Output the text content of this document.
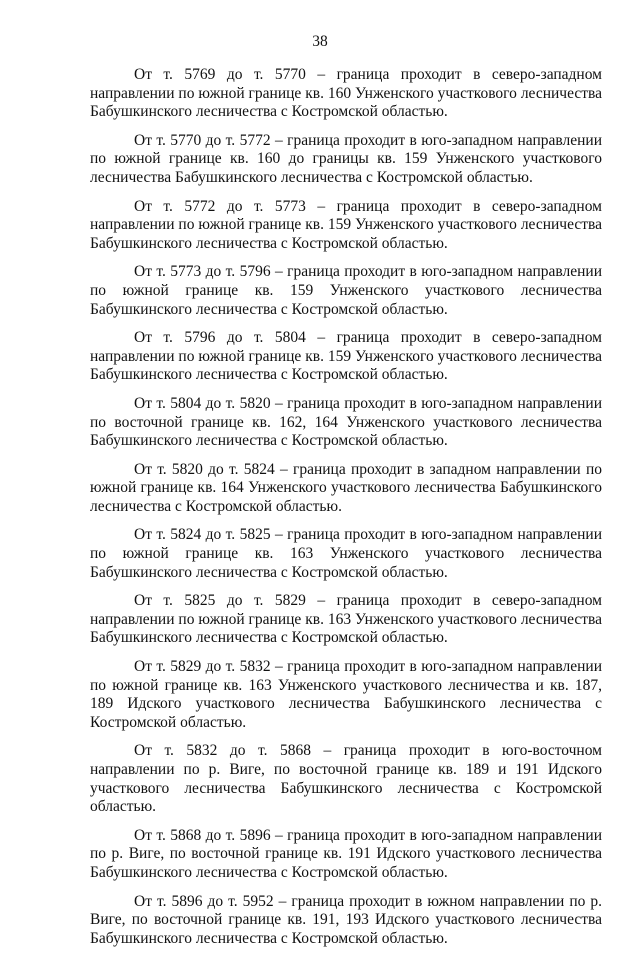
38

От т. 5769 до т. 5770 – граница проходит в северо-западном направлении по южной границе кв. 160 Унженского участкового лесничества Бабушкинского лесничества с Костромской областью.

От т. 5770 до т. 5772 – граница проходит в юго-западном направлении по южной границе кв. 160 до границы кв. 159 Унженского участкового лесничества Бабушкинского лесничества с Костромской областью.

От т. 5772 до т. 5773 – граница проходит в северо-западном направлении по южной границе кв. 159 Унженского участкового лесничества Бабушкинского лесничества с Костромской областью.

От т. 5773 до т. 5796 – граница проходит в юго-западном направлении по южной границе кв. 159 Унженского участкового лесничества Бабушкинского лесничества с Костромской областью.

От т. 5796 до т. 5804 – граница проходит в северо-западном направлении по южной границе кв. 159 Унженского участкового лесничества Бабушкинского лесничества с Костромской областью.

От т. 5804 до т. 5820 – граница проходит в юго-западном направлении по восточной границе кв. 162, 164 Унженского участкового лесничества Бабушкинского лесничества с Костромской областью.

От т. 5820 до т. 5824 – граница проходит в западном направлении по южной границе кв. 164 Унженского участкового лесничества Бабушкинского лесничества с Костромской областью.

От т. 5824 до т. 5825 – граница проходит в юго-западном направлении по южной границе кв. 163 Унженского участкового лесничества Бабушкинского лесничества с Костромской областью.

От т. 5825 до т. 5829 – граница проходит в северо-западном направлении по южной границе кв. 163 Унженского участкового лесничества Бабушкинского лесничества с Костромской областью.

От т. 5829 до т. 5832 – граница проходит в юго-западном направлении по южной границе кв. 163 Унженского участкового лесничества и кв. 187, 189 Идского участкового лесничества Бабушкинского лесничества с Костромской областью.

От т. 5832 до т. 5868 – граница проходит в юго-восточном направлении по р. Виге, по восточной границе кв. 189 и 191 Идского участкового лесничества Бабушкинского лесничества с Костромской областью.

От т. 5868 до т. 5896 – граница проходит в юго-западном направлении по р. Виге, по восточной границе кв. 191 Идского участкового лесничества Бабушкинского лесничества с Костромской областью.

От т. 5896 до т. 5952 – граница проходит в южном направлении по р. Виге, по восточной границе кв. 191, 193 Идского участкового лесничества Бабушкинского лесничества с Костромской областью.
